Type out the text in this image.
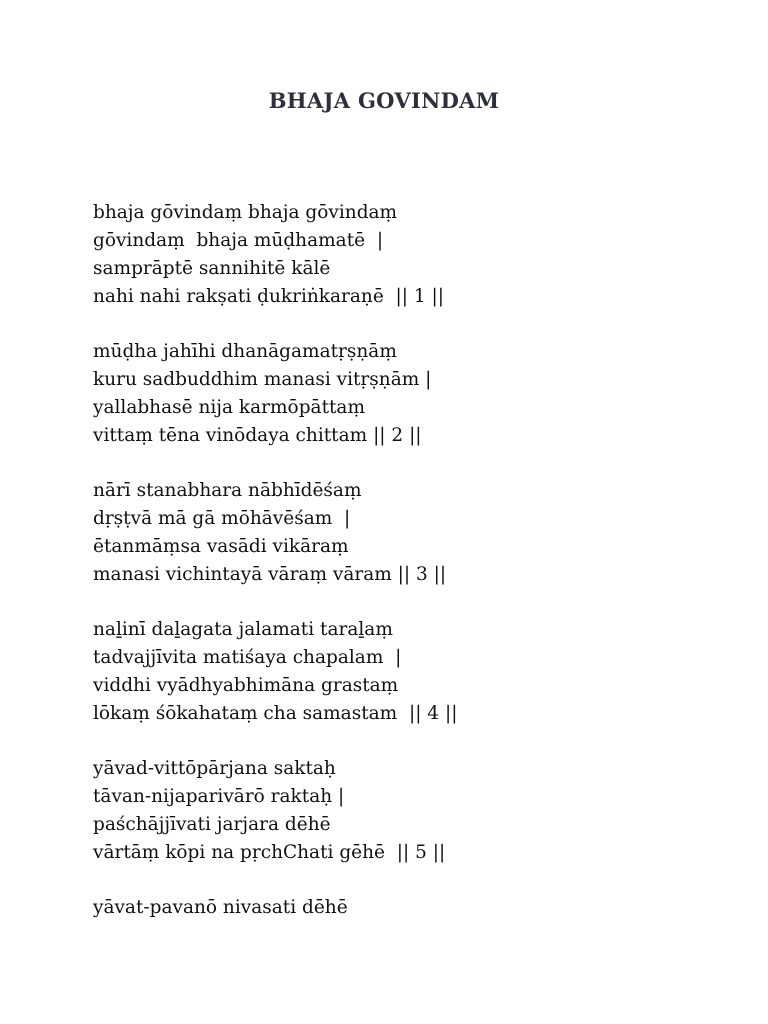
BHAJA GOVINDAM
bhaja gōvindaṃ bhaja gōvindaṃ
gōvindaṃ  bhaja mūḍhamatē  |
samprāptē sannihitē kālē
nahi nahi rakṣati ḍukriṅkaraṇē  || 1 ||
mūḍha jahīhi dhanāgamatṛṣṇāṃ
kuru sadbuddhim manasi vitṛṣṇām |
yallabhasē nija karmōpāttaṃ
vittaṃ tēna vinōdaya chittam || 2 ||
nārī stanabhara nābhīdēśaṃ
dṛṣṭvā mā gā mōhāvēśam  |
ētanmāṃsa vasādi vikāraṃ
manasi vichintayā vāraṃ vāram || 3 ||
naḻinī daḻagata jalamati taraḻaṃ
tadvajjīvita matiśaya chapalam  |
viddhi vyādhyabhimāna grastaṃ
lōkaṃ śōkahataṃ cha samastam  || 4 ||
yāvad-vittōpārjana saktaḥ
tāvan-nijaparivārō raktaḥ |
paśchājjīvati jarjara dēhē
vārtāṃ kōpi na pṛchChati gēhē  || 5 ||
yāvat-pavanō nivasati dēhē
